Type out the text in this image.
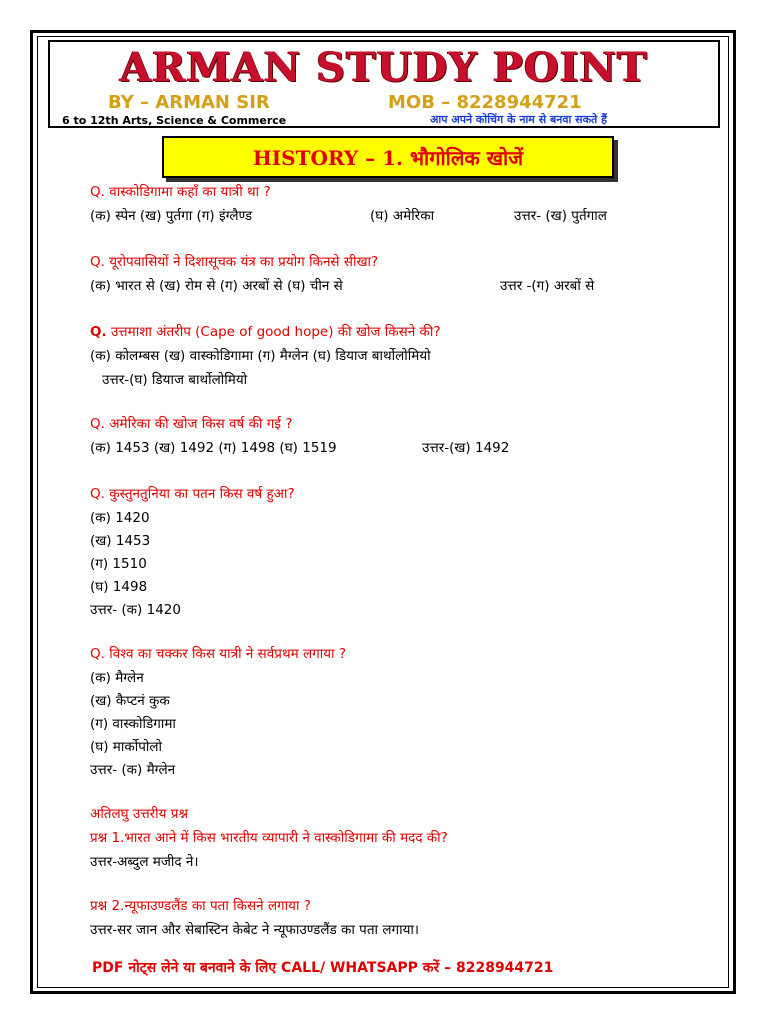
ARMAN STUDY POINT
BY – ARMAN SIR	MOB – 8228944721
6 to 12th Arts, Science & Commerce	आप अपने कोचिंग के नाम से बनवा सकते हैं
HISTORY – 1. भौगोलिक खोजें
Q. वास्कोडिगामा कहाँ का यात्री था ?
(क) स्पेन (ख) पुर्तगा (ग) इंग्लैण्ड	(घ) अमेरिका	उत्तर- (ख) पुर्तगाल
Q. यूरोपवासियों ने दिशासूचक यंत्र का प्रयोग किनसे सीखा?
(क) भारत से (ख) रोम से (ग) अरबों से (घ) चीन से	उत्तर -(ग) अरबों से
Q. उत्तमाशा अंतरीप (Cape of good hope) की खोज किसने की?
(क) कोलम्बस (ख) वास्कोडिगामा (ग) मैग्लेन (घ) डियाज बार्थोलोमियो
उत्तर-(घ) डियाज बार्थोलोमियो
Q. अमेरिका की खोज किस वर्ष की गई ?
(क) 1453 (ख) 1492 (ग) 1498 (घ) 1519	उत्तर-(ख) 1492
Q. कुस्तुनतुनिया का पतन किस वर्ष हुआ?
(क) 1420
(ख) 1453
(ग) 1510
(घ) 1498
उत्तर- (क) 1420
Q. विश्व का चक्कर किस यात्री ने सर्वप्रथम लगाया ?
(क) मैग्लेन
(ख) कैप्टनं कुक
(ग) वास्कोडिगामा
(घ) मार्कोपोलो
उत्तर- (क) मैग्लेन
अतिलघु उत्तरीय प्रश्न
प्रश्न 1.भारत आने में किस भारतीय व्यापारी ने वास्कोडिगामा की मदद की?
उत्तर-अब्दुल मजीद ने।
प्रश्न 2.न्यूफाउण्डलैंड का पता किसने लगाया ?
उत्तर-सर जान और सेबास्टिन केबेट ने न्यूफाउण्डलैंड का पता लगाया।
PDF नोट्स लेने या बनवाने के लिए CALL/ WHATSAPP करें – 8228944721
